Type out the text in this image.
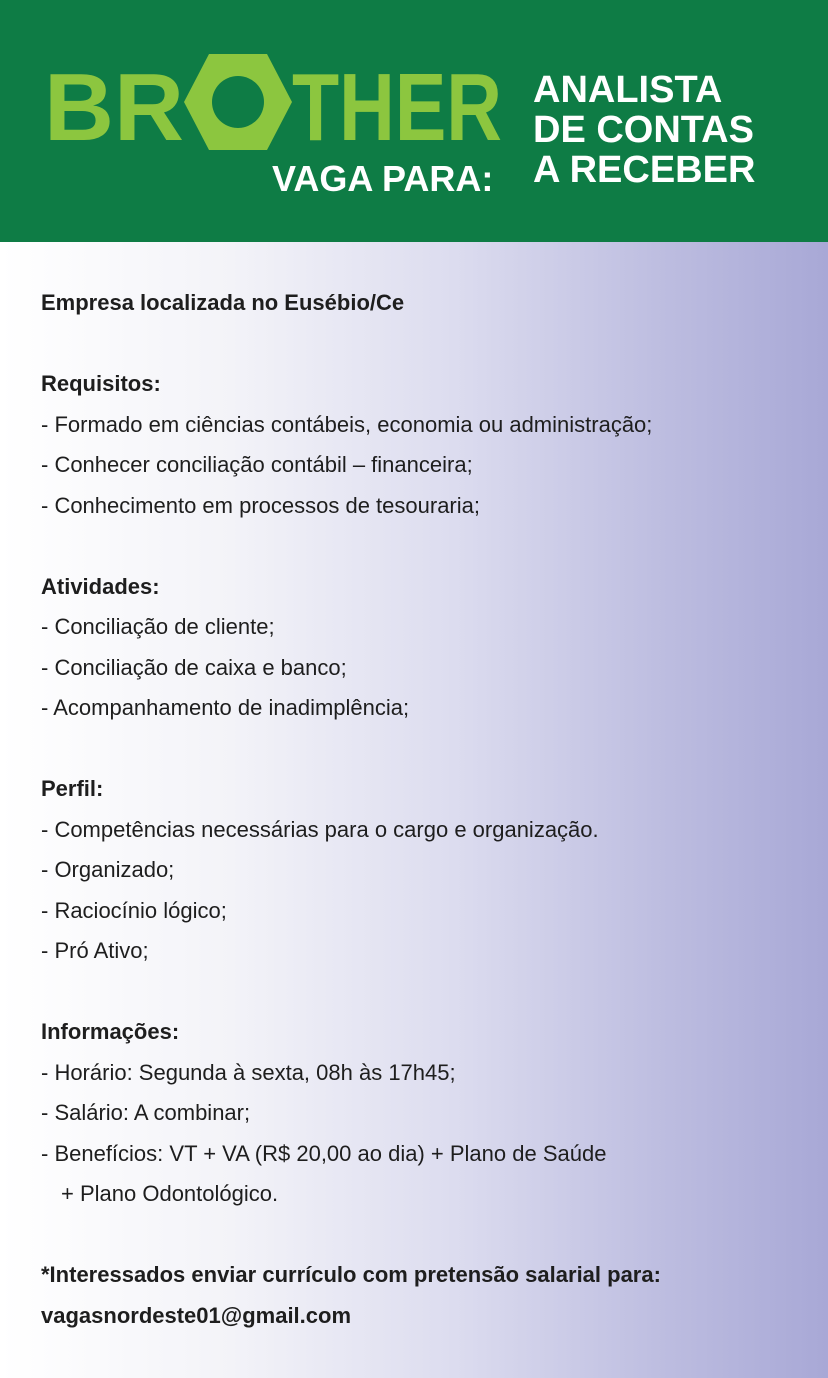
BR THER
VAGA PARA:
ANALISTA
DE CONTAS
A RECEBER
Empresa localizada no Eusébio/Ce
Requisitos:
- Formado em ciências contábeis, economia ou administração;
- Conhecer conciliação contábil – financeira;
- Conhecimento em processos de tesouraria;
Atividades:
- Conciliação de cliente;
- Conciliação de caixa e banco;
- Acompanhamento de inadimplência;
Perfil:
- Competências necessárias para o cargo e organização.
- Organizado;
- Raciocínio lógico;
- Pró Ativo;
Informações:
- Horário: Segunda à sexta, 08h às 17h45;
- Salário: A combinar;
- Benefícios: VT + VA (R$ 20,00 ao dia) + Plano de Saúde
+ Plano Odontológico.
*Interessados enviar currículo com pretensão salarial para:
vagasnordeste01@gmail.com
